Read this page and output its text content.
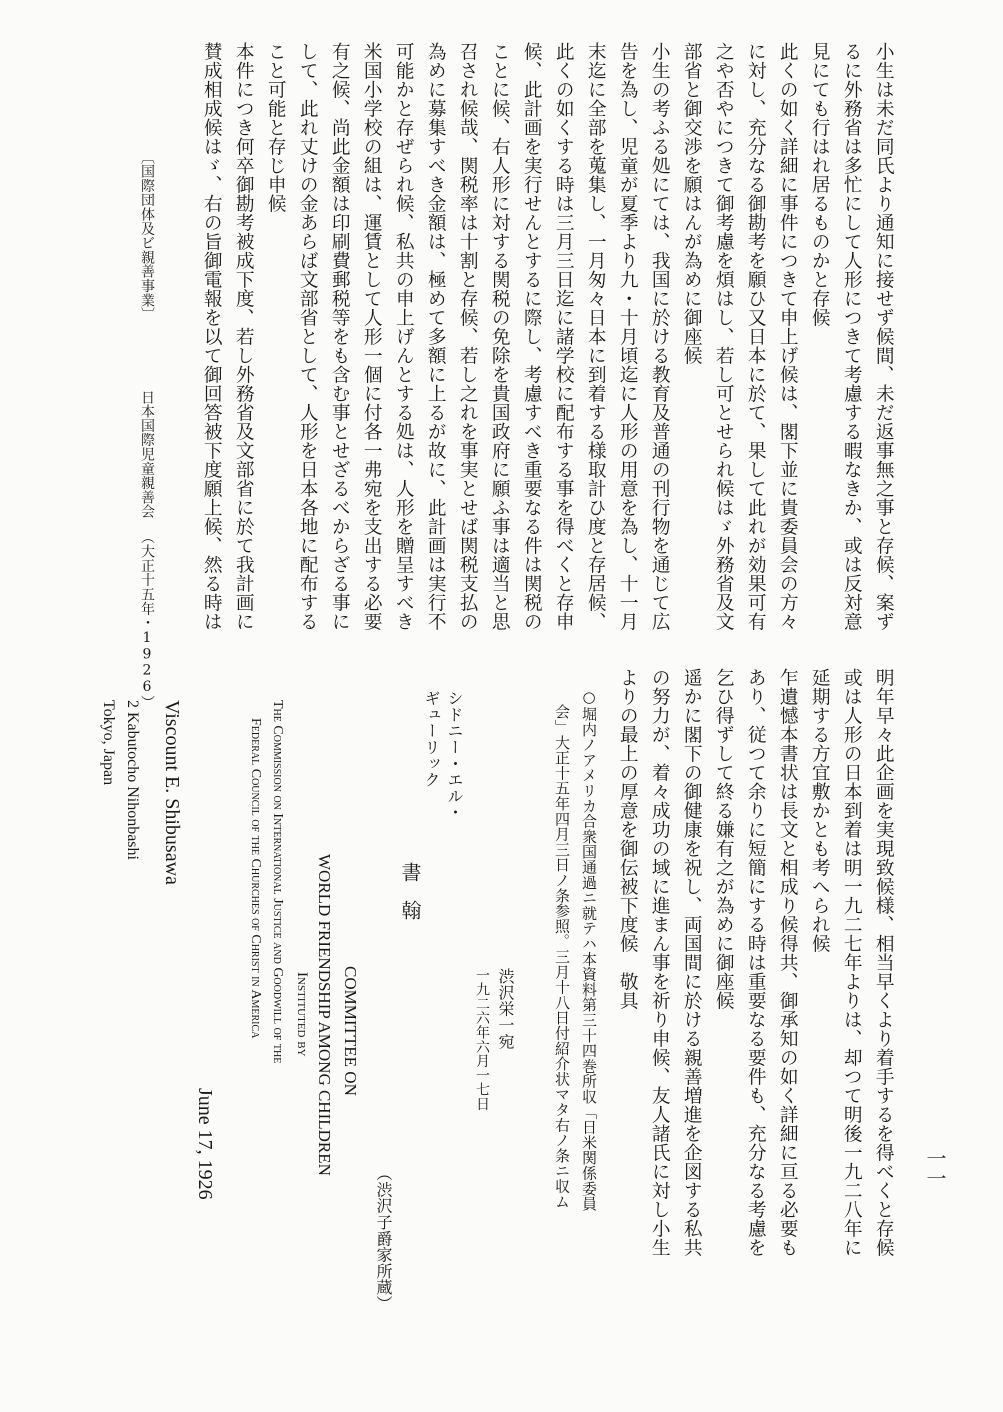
小生は未だ同氏より通知に接せず候間、未だ返事無之事と存候、案ず
るに外務省は多忙にして人形につきて考慮する暇なきか、或は反対意
見にても行はれ居るものかと存候
此くの如く詳細に事件につきて申上げ候は、閣下並に貴委員会の方々
に対し、充分なる御勘考を願ひ又日本に於て、果して此れが効果可有
之や否やにつきて御考慮を煩はし、若し可とせられ候はゞ外務省及文
部省と御交渉を願はんが為めに御座候
小生の考ふる処にては、我国に於ける教育及普通の刊行物を通じて広
告を為し、児童が夏季より九・十月頃迄に人形の用意を為し、十一月
末迄に全部を蒐集し、一月匆々日本に到着する様取計ひ度と存居候、
此くの如くする時は三月三日迄に諸学校に配布する事を得べくと存申
候、此計画を実行せんとするに際し、考慮すべき重要なる件は関税の
ことに候、右人形に対する関税の免除を貴国政府に願ふ事は適当と思
召され候哉、関税率は十割と存候、若し之れを事実とせば関税支払の
為めに募集すべき金額は、極めて多額に上るが故に、此計画は実行不
可能かと存ぜられ候、私共の申上げんとする処は、人形を贈呈すべき
米国小学校の組は、運賃として人形一個に付各一弗宛を支出する必要
有之候、尚此金額は印刷費郵税等をも含む事とせざるべからざる事に
して、此れ丈けの金あらば文部省として、人形を日本各地に配布する
こと可能と存じ申候
本件につき何卒御勘考被成下度、若し外務省及文部省に於て我計画に
賛成相成候はゞ、右の旨御電報を以て御回答被下度願上候、然る時は
〔国際団体及ビ親善事業〕
日本国際児童親善会
（大正十五年・1926）
明年早々此企画を実現致候様、相当早くより着手するを得べくと存候
或は人形の日本到着は明一九二七年よりは、却つて明後一九二八年に
延期する方宜敷かとも考へられ候
乍遺憾本書状は長文と相成り候得共、御承知の如く詳細に亘る必要も
あり、従つて余りに短簡にする時は重要なる要件も、充分なる考慮を
乞ひ得ずして終る嫌有之が為めに御座候
遥かに閣下の御健康を祝し、両国間に於ける親善増進を企図する私共
の努力が、着々成功の域に進まん事を祈り申候、友人諸氏に対し小生
よりの最上の厚意を御伝被下度候　敬具
○堀内ノアメリカ合衆国通過ニ就テハ本資料第三十四巻所収「日米関係委員
会」大正十五年四月三日ノ条参照。三月十八日付紹介状マタ右ノ条ニ収ム
シドニー・エル・
ギューリック
書翰
渋沢栄一宛
一九二六年六月一七日
（渋沢子爵家所蔵）
COMMITTEE ON
WORLD FRIENDSHIP AMONG CHILDREN
Instituted by
The Commission on International Justice and Goodwill of the
Federal Council of the Churches of Christ in America
June 17, 1926
Viscount E. Shibusawa
2 Kabutocho Nihonbashi
Tokyo, Japan
一一
